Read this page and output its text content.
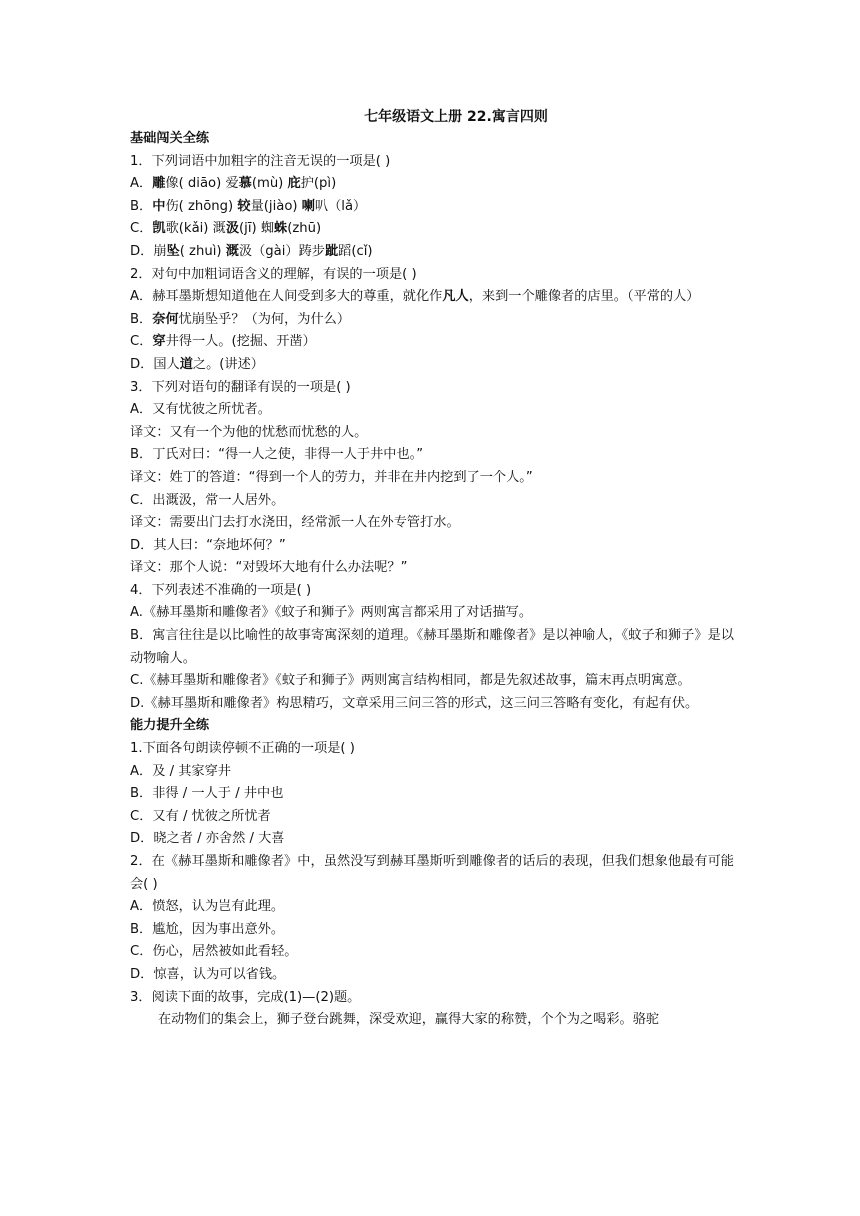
七年级语文上册 22.寓言四则
基础闯关全练
1．下列词语中加粗字的注音无误的一项是( )
A．雕像( diāo) 爱慕(mù) 庇护(pì)
B．中伤( zhōng) 较量(jiào) 喇叭（lǎ）
C．凯歌(kǎi) 溉汲(jī) 蜘蛛(zhū)
D．崩坠( zhuì) 溉汲（gài）踌步跐蹈(cǐ)
2．对句中加粗词语含义的理解，有误的一项是( )
A．赫耳墨斯想知道他在人间受到多大的尊重，就化作凡人，来到一个雕像者的店里。（平常的人）
B．奈何忧崩坠乎？（为何，为什么）
C．穿井得一人。(挖掘、开凿）
D．国人道之。(讲述）
3．下列对语句的翻译有误的一项是( )
A．又有忧彼之所忧者。
译文：又有一个为他的忧愁而忧愁的人。
B．丁氏对曰：“得一人之使，非得一人于井中也。”
译文：姓丁的答道：“得到一个人的劳力，并非在井内挖到了一个人。”
C．出溉汲，常一人居外。
译文：需要出门去打水浇田，经常派一人在外专管打水。
D．其人曰：“奈地坏何？”
译文：那个人说：“对毁坏大地有什么办法呢？”
4．下列表述不准确的一项是( )
A.《赫耳墨斯和雕像者》《蚊子和狮子》两则寓言都采用了对话描写。
B．寓言往往是以比喻性的故事寄寓深刻的道理。《赫耳墨斯和雕像者》是以神喻人，《蚊子和狮子》是以动物喻人。
C.《赫耳墨斯和雕像者》《蚊子和狮子》两则寓言结构相同，都是先叙述故事，篇末再点明寓意。
D.《赫耳墨斯和雕像者》构思精巧，文章采用三问三答的形式，这三问三答略有变化，有起有伏。
能力提升全练
1.下面各句朗读停顿不正确的一项是( )
A．及 / 其家穿井
B．非得 / 一人于 / 井中也
C．又有 / 忧彼之所忧者
D．晓之者 / 亦舍然 / 大喜
2．在《赫耳墨斯和雕像者》中，虽然没写到赫耳墨斯听到雕像者的话后的表现，但我们想象他最有可能会( )
A．愤怒，认为岂有此理。
B．尴尬，因为事出意外。
C．伤心，居然被如此看轻。
D．惊喜，认为可以省钱。
3．阅读下面的故事，完成(1)—(2)题。
在动物们的集会上，狮子登台跳舞，深受欢迎，赢得大家的称赞，个个为之喝彩。骆驼
